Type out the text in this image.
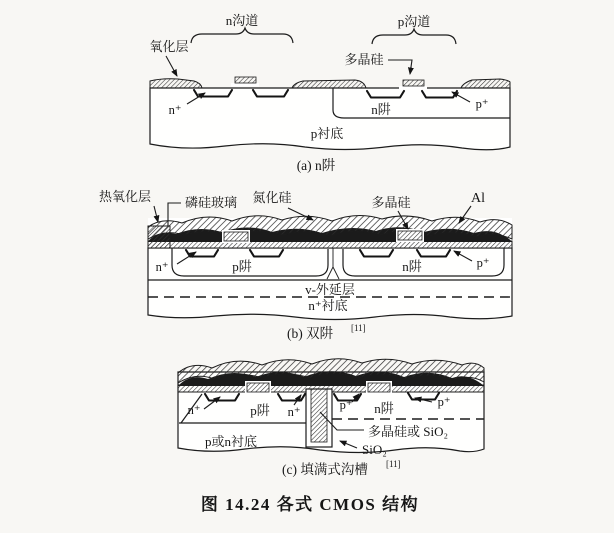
n沟道	p沟道
氧化层
多晶硅
n⁺	n阱	p⁺
p衬底
(a) n阱
热氧化层	磷硅玻璃 氮化硅	多晶硅	Al
n⁺	p阱	n阱	p⁺
v-外延层
n⁺衬底
(b) 双阱 [11]
n⁺	p阱 n⁺	p⁺ n阱	p⁺
p或n衬底
多晶硅或 SiO₂
SiO₂
(c) 填满式沟槽 [11]
图 14.24 各式 CMOS 结构
